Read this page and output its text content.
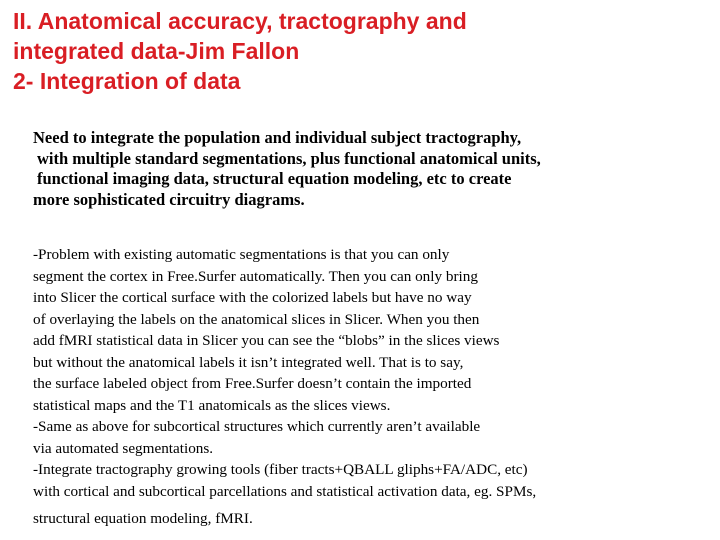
II. Anatomical accuracy, tractography and
integrated data-Jim Fallon
2- Integration of data
Need to integrate the population and individual subject tractography,
with multiple standard segmentations, plus functional anatomical units,
functional imaging data, structural equation modeling, etc to create
more sophisticated circuitry diagrams.
-Problem with existing automatic segmentations is that you can only
segment the cortex in Free.Surfer automatically. Then you can only bring
into Slicer the cortical surface with the colorized labels but have no way
of overlaying the labels on the anatomical slices in Slicer. When you then
add fMRI statistical data in Slicer you can see the “blobs” in the slices views
but without the anatomical labels it isn’t integrated well. That is to say,
the surface labeled object from Free.Surfer doesn’t contain the imported
statistical maps and the T1 anatomicals as the slices views.
-Same as above for subcortical structures which currently aren’t available
via automated segmentations.
-Integrate tractography growing tools (fiber tracts+QBALL gliphs+FA/ADC, etc)
with cortical and subcortical parcellations and statistical activation data, eg. SPMs,
structural equation modeling, fMRI.
